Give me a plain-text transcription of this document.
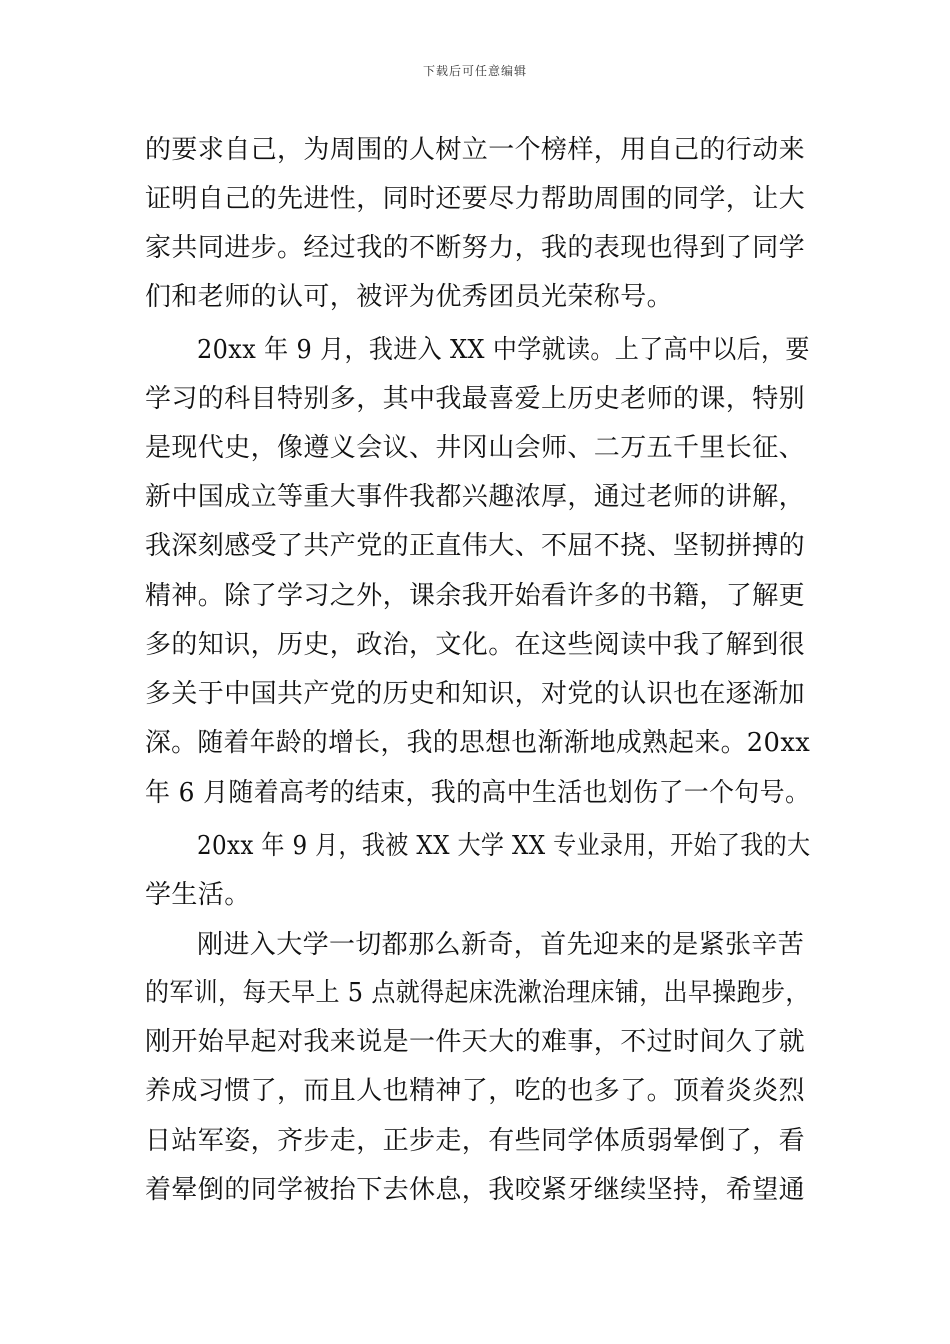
下载后可任意编辑
的要求自己，为周围的人树立一个榜样，用自己的行动来
证明自己的先进性，同时还要尽力帮助周围的同学，让大
家共同进步。经过我的不断努力，我的表现也得到了同学
们和老师的认可，被评为优秀团员光荣称号。
20xx 年 9 月，我进入 XX 中学就读。上了高中以后，要
学习的科目特别多，其中我最喜爱上历史老师的课，特别
是现代史，像遵义会议、井冈山会师、二万五千里长征、
新中国成立等重大事件我都兴趣浓厚，通过老师的讲解，
我深刻感受了共产党的正直伟大、不屈不挠、坚韧拼搏的
精神。除了学习之外，课余我开始看许多的书籍，了解更
多的知识，历史，政治，文化。在这些阅读中我了解到很
多关于中国共产党的历史和知识，对党的认识也在逐渐加
深。随着年龄的增长，我的思想也渐渐地成熟起来。20xx
年 6 月随着高考的结束，我的高中生活也划伤了一个句号。
20xx 年 9 月，我被 XX 大学 XX 专业录用，开始了我的大
学生活。
刚进入大学一切都那么新奇，首先迎来的是紧张辛苦
的军训，每天早上 5 点就得起床洗漱治理床铺，出早操跑步，
刚开始早起对我来说是一件天大的难事，不过时间久了就
养成习惯了，而且人也精神了，吃的也多了。顶着炎炎烈
日站军姿，齐步走，正步走，有些同学体质弱晕倒了，看
着晕倒的同学被抬下去休息，我咬紧牙继续坚持，希望通
